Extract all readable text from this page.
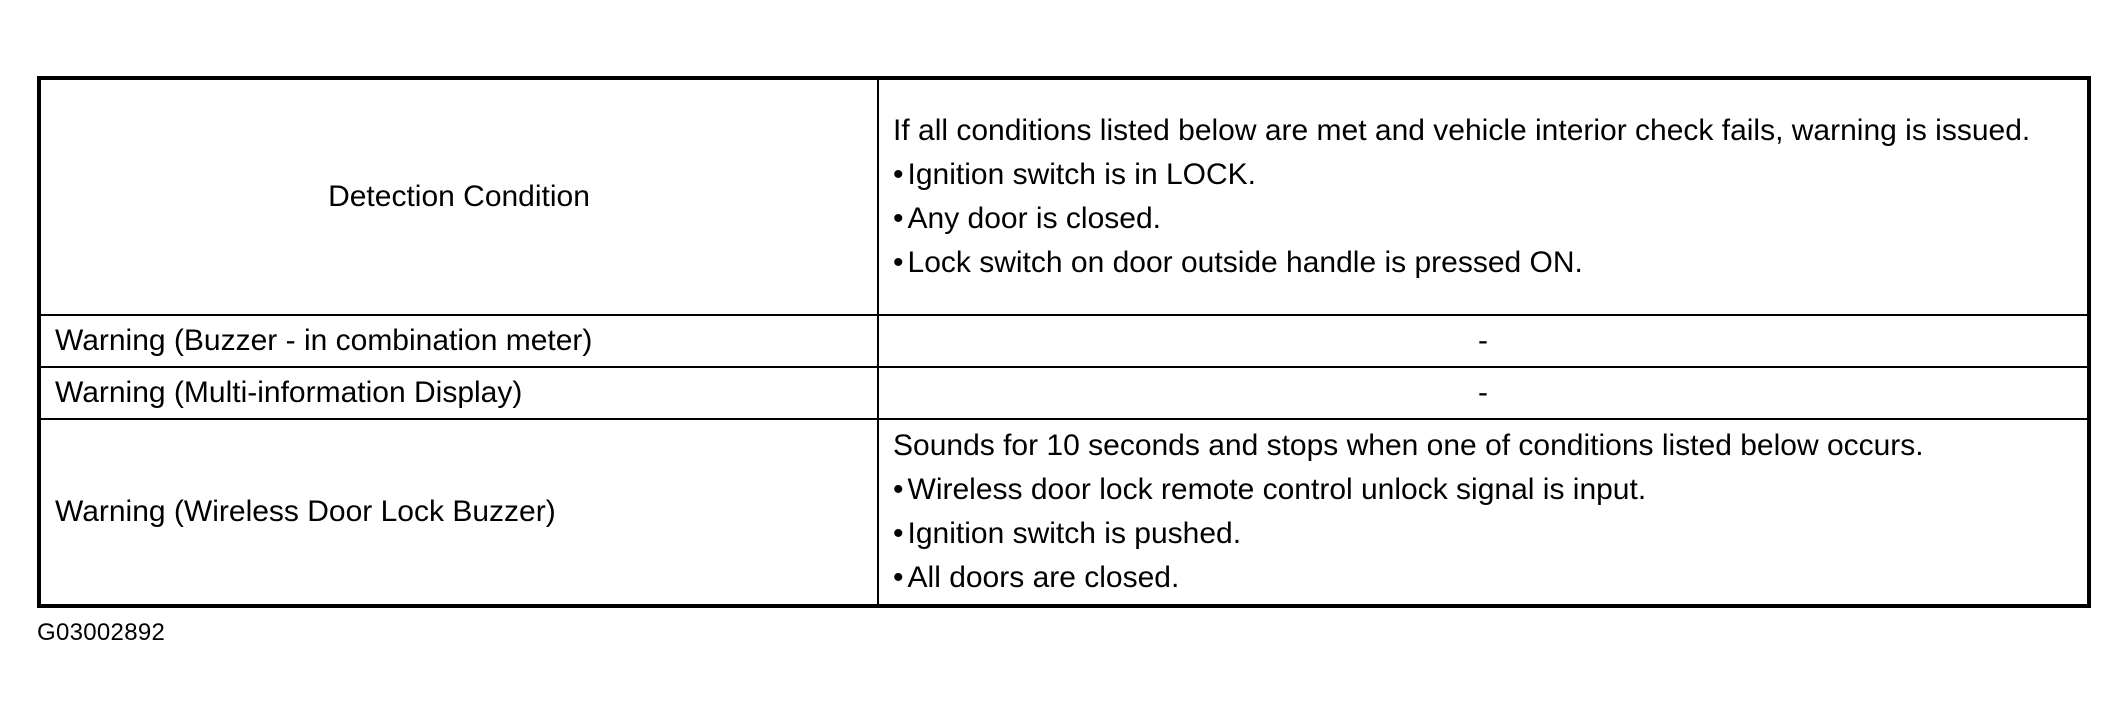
Detection Condition	If all conditions listed below are met and vehicle interior check fails, warning is issued.
• Ignition switch is in LOCK.
• Any door is closed.
• Lock switch on door outside handle is pressed ON.

Warning (Buzzer - in combination meter)	-
Warning (Multi-information Display)	-
Warning (Wireless Door Lock Buzzer)	Sounds for 10 seconds and stops when one of conditions listed below occurs.
• Wireless door lock remote control unlock signal is input.
• Ignition switch is pushed.
• All doors are closed.
G03002892
